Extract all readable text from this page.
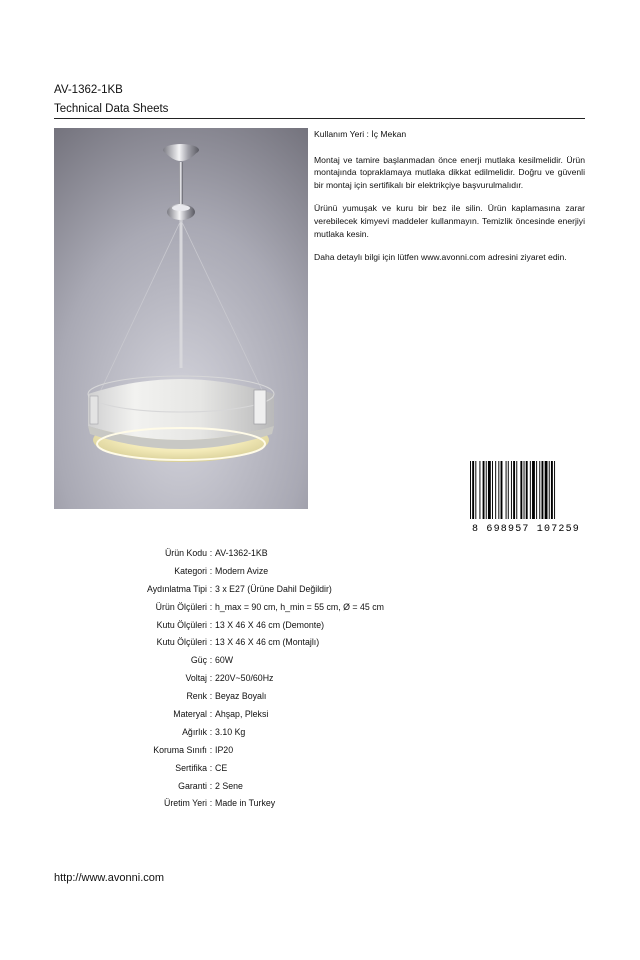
AV-1362-1KB
Technical Data Sheets

Kullanım Yeri : İç Mekan

Montaj ve tamire başlanmadan önce enerji mutlaka kesilmelidir. Ürün montajında topraklamaya mutlaka dikkat edilmelidir. Doğru ve güvenli bir montaj için sertifikalı bir elektrikçiye başvurulmalıdır.

Ürünü yumuşak ve kuru bir bez ile silin. Ürün kaplamasına zarar verebilecek kimyevi maddeler kullanmayın. Temizlik öncesinde enerjiyi mutlaka kesin.

Daha detaylı bilgi için lütfen www.avonni.com adresini ziyaret edin.

8 698957 107259
Ürün Kodu : AV-1362-1KB
Kategori : Modern Avize
Aydınlatma Tipi : 3 x E27 (Ürüne Dahil Değildir)
Ürün Ölçüleri : h_max = 90 cm, h_min = 55 cm, Ø = 45 cm
Kutu Ölçüleri : 13 X 46 X 46 cm (Demonte)
Kutu Ölçüleri : 13 X 46 X 46 cm (Montajlı)
Güç : 60W
Voltaj : 220V~50/60Hz
Renk : Beyaz Boyalı
Materyal : Ahşap, Pleksi
Ağırlık : 3.10 Kg
Koruma Sınıfı : IP20
Sertifika : CE
Garanti : 2 Sene
Üretim Yeri : Made in Turkey
http://www.avonni.com
